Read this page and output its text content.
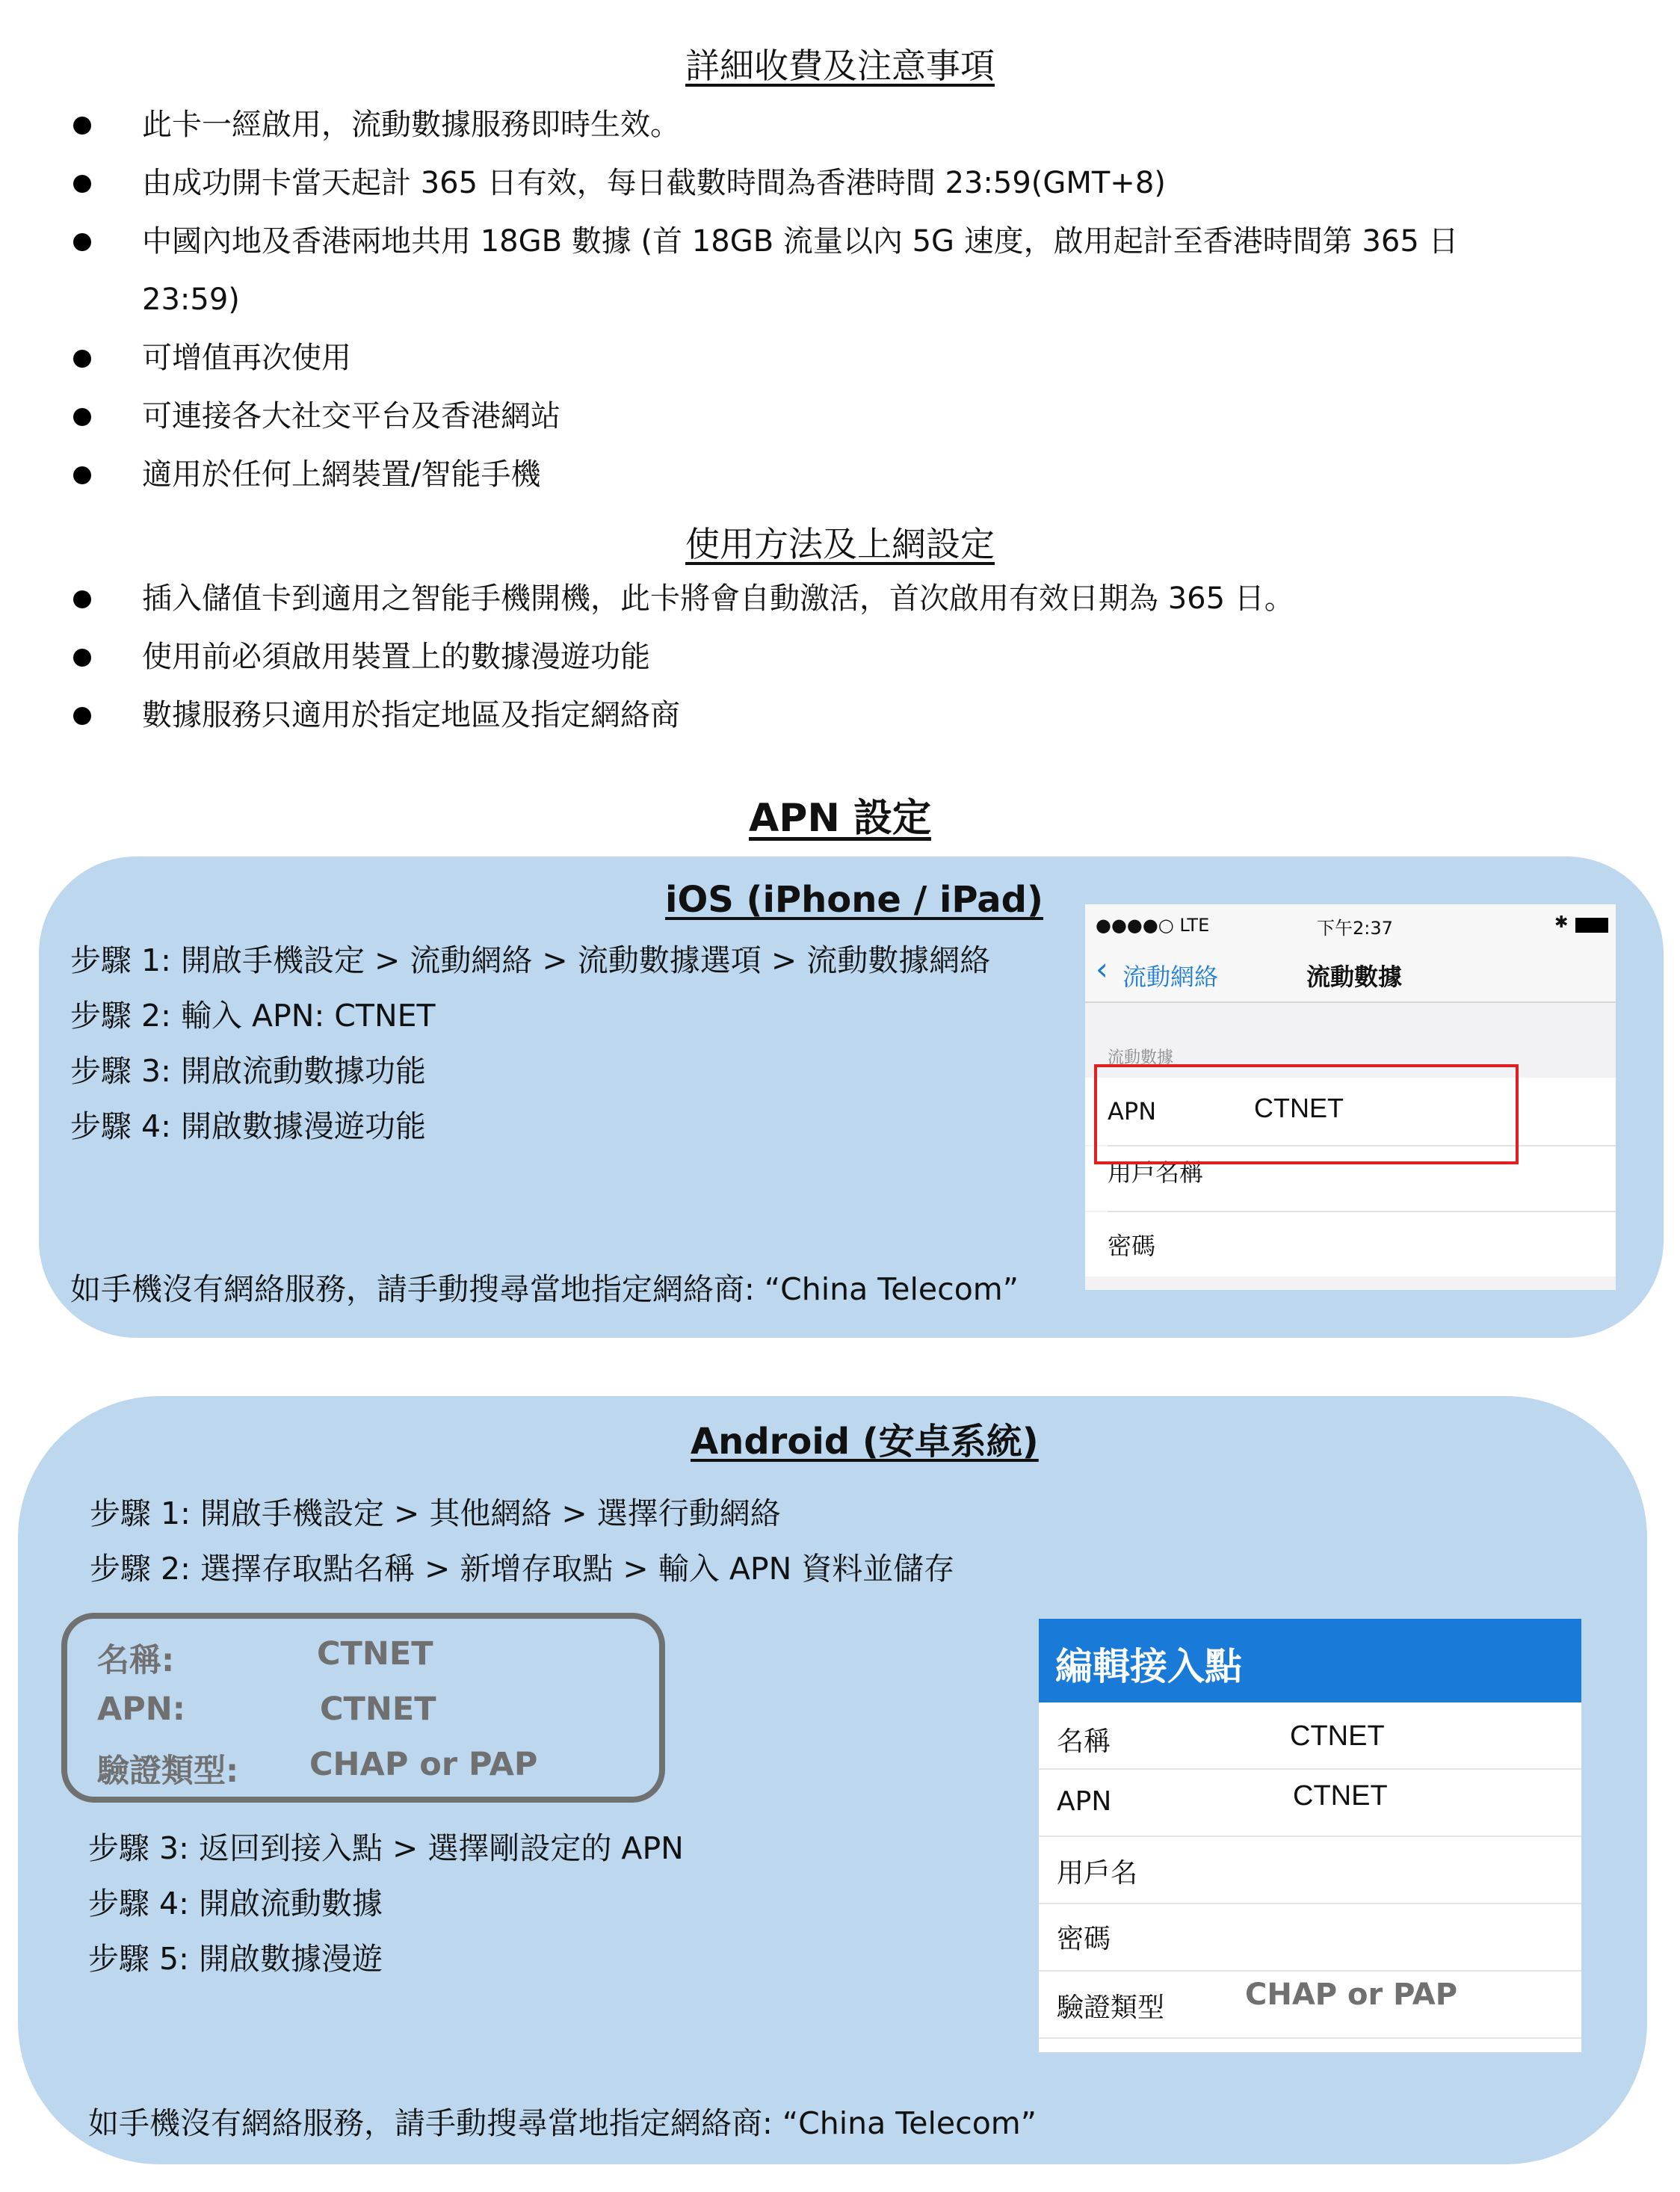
詳細收費及注意事項
此卡一經啟用，流動數據服務即時生效。
由成功開卡當天起計 365 日有效，每日截數時間為香港時間 23:59(GMT+8)
中國內地及香港兩地共用 18GB 數據 (首 18GB 流量以內 5G 速度，啟用起計至香港時間第 365 日
23:59)
可增值再次使用
可連接各大社交平台及香港網站
適用於任何上網裝置/智能手機
使用方法及上網設定
插入儲值卡到適用之智能手機開機，此卡將會自動激活，首次啟用有效日期為 365 日。
使用前必須啟用裝置上的數據漫遊功能
數據服務只適用於指定地區及指定網絡商
APN 設定
iOS (iPhone / iPad)
步驟 1: 開啟手機設定 > 流動網絡 > 流動數據選項 > 流動數據網絡
步驟 2: 輸入 APN: CTNET
步驟 3: 開啟流動數據功能
步驟 4: 開啟數據漫遊功能
如手機沒有網絡服務，請手動搜尋當地指定網絡商: “China Telecom”
●●●●○ LTE	下午2:37	✱
‹ 流動網絡	流動數據
流動數據
APN	CTNET
用戶名稱
密碼
Android (安卓系統)
步驟 1: 開啟手機設定 > 其他網絡 > 選擇行動網絡
步驟 2: 選擇存取點名稱 > 新增存取點 > 輸入 APN 資料並儲存
名稱:	CTNET
APN:	CTNET
驗證類型: CHAP or PAP
步驟 3: 返回到接入點 > 選擇剛設定的 APN
步驟 4: 開啟流動數據
步驟 5: 開啟數據漫遊
如手機沒有網絡服務，請手動搜尋當地指定網絡商: “China Telecom”
編輯接入點
名稱	CTNET
APN	CTNET
用戶名
密碼
驗證類型	CHAP or PAP
